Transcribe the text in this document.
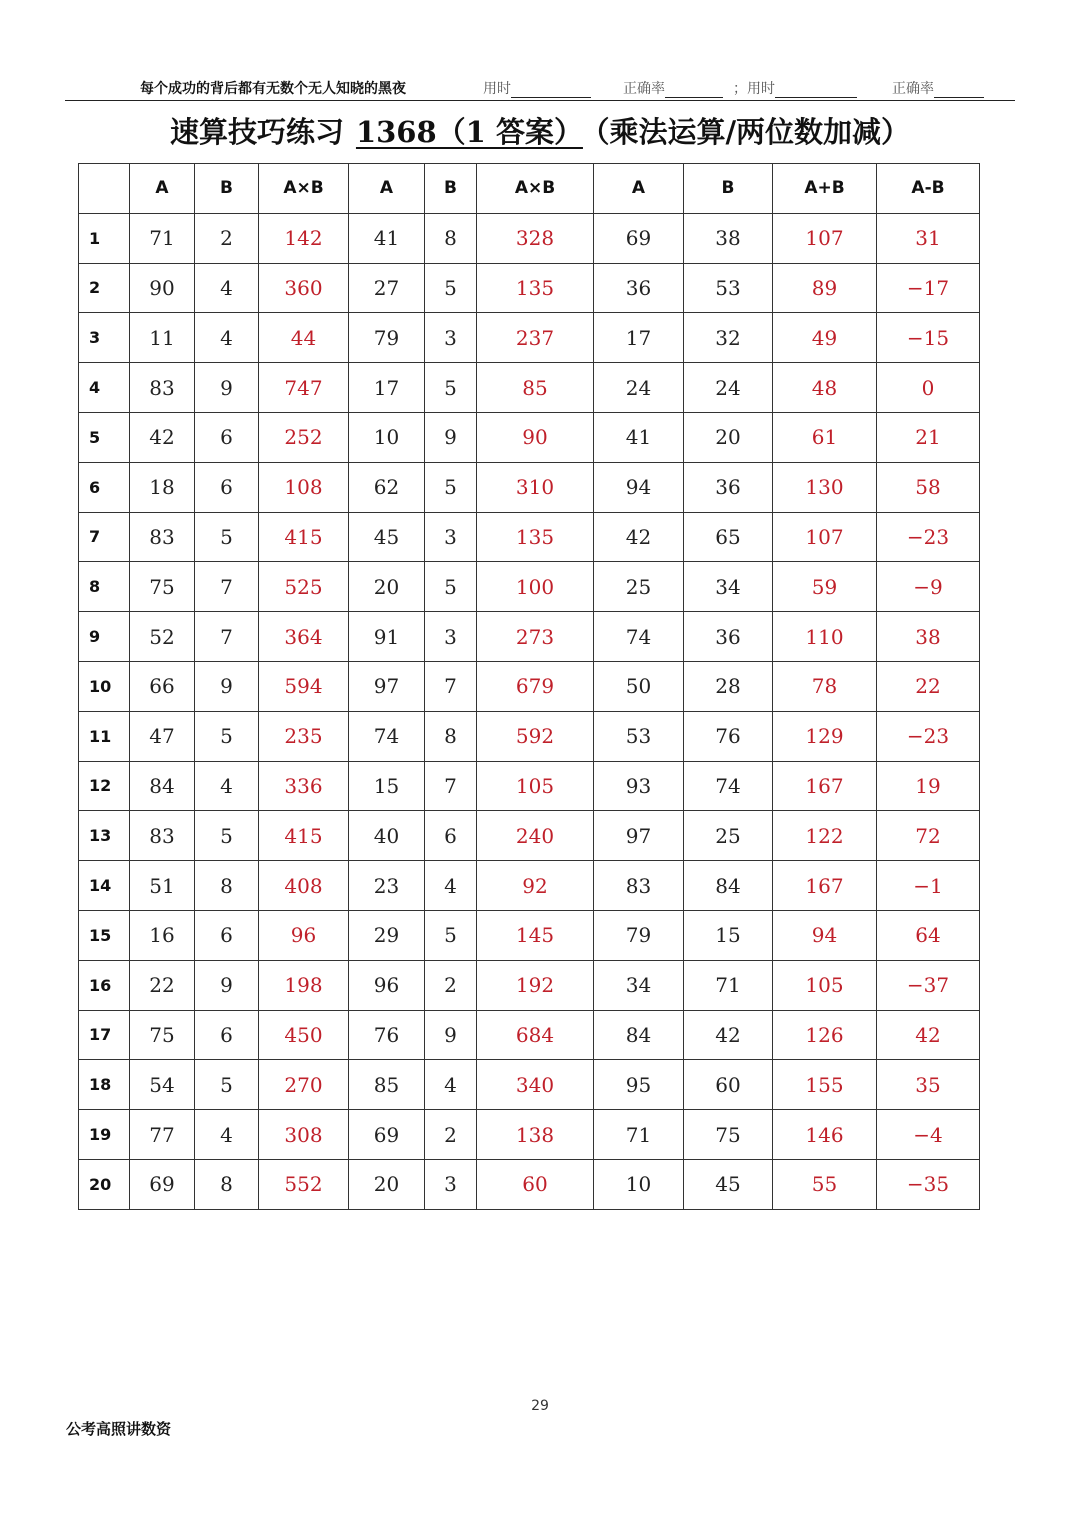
每个成功的背后都有无数个无人知晓的黑夜	用时	正确率	；用时	正确率
速算技巧练习 1368（1 答案） （乘法运算/两位数加减）
	A	B	A×B	A	B	A×B	A	B	A+B	A-B
1	71	2	142	41	8	328	69	38	107	31
2	90	4	360	27	5	135	36	53	89	−17
3	11	4	44	79	3	237	17	32	49	−15
4	83	9	747	17	5	85	24	24	48	0
5	42	6	252	10	9	90	41	20	61	21
6	18	6	108	62	5	310	94	36	130	58
7	83	5	415	45	3	135	42	65	107	−23
8	75	7	525	20	5	100	25	34	59	−9
9	52	7	364	91	3	273	74	36	110	38
10	66	9	594	97	7	679	50	28	78	22
11	47	5	235	74	8	592	53	76	129	−23
12	84	4	336	15	7	105	93	74	167	19
13	83	5	415	40	6	240	97	25	122	72
14	51	8	408	23	4	92	83	84	167	−1
15	16	6	96	29	5	145	79	15	94	64
16	22	9	198	96	2	192	34	71	105	−37
17	75	6	450	76	9	684	84	42	126	42
18	54	5	270	85	4	340	95	60	155	35
19	77	4	308	69	2	138	71	75	146	−4
20	69	8	552	20	3	60	10	45	55	−35
29
公考高照讲数资
